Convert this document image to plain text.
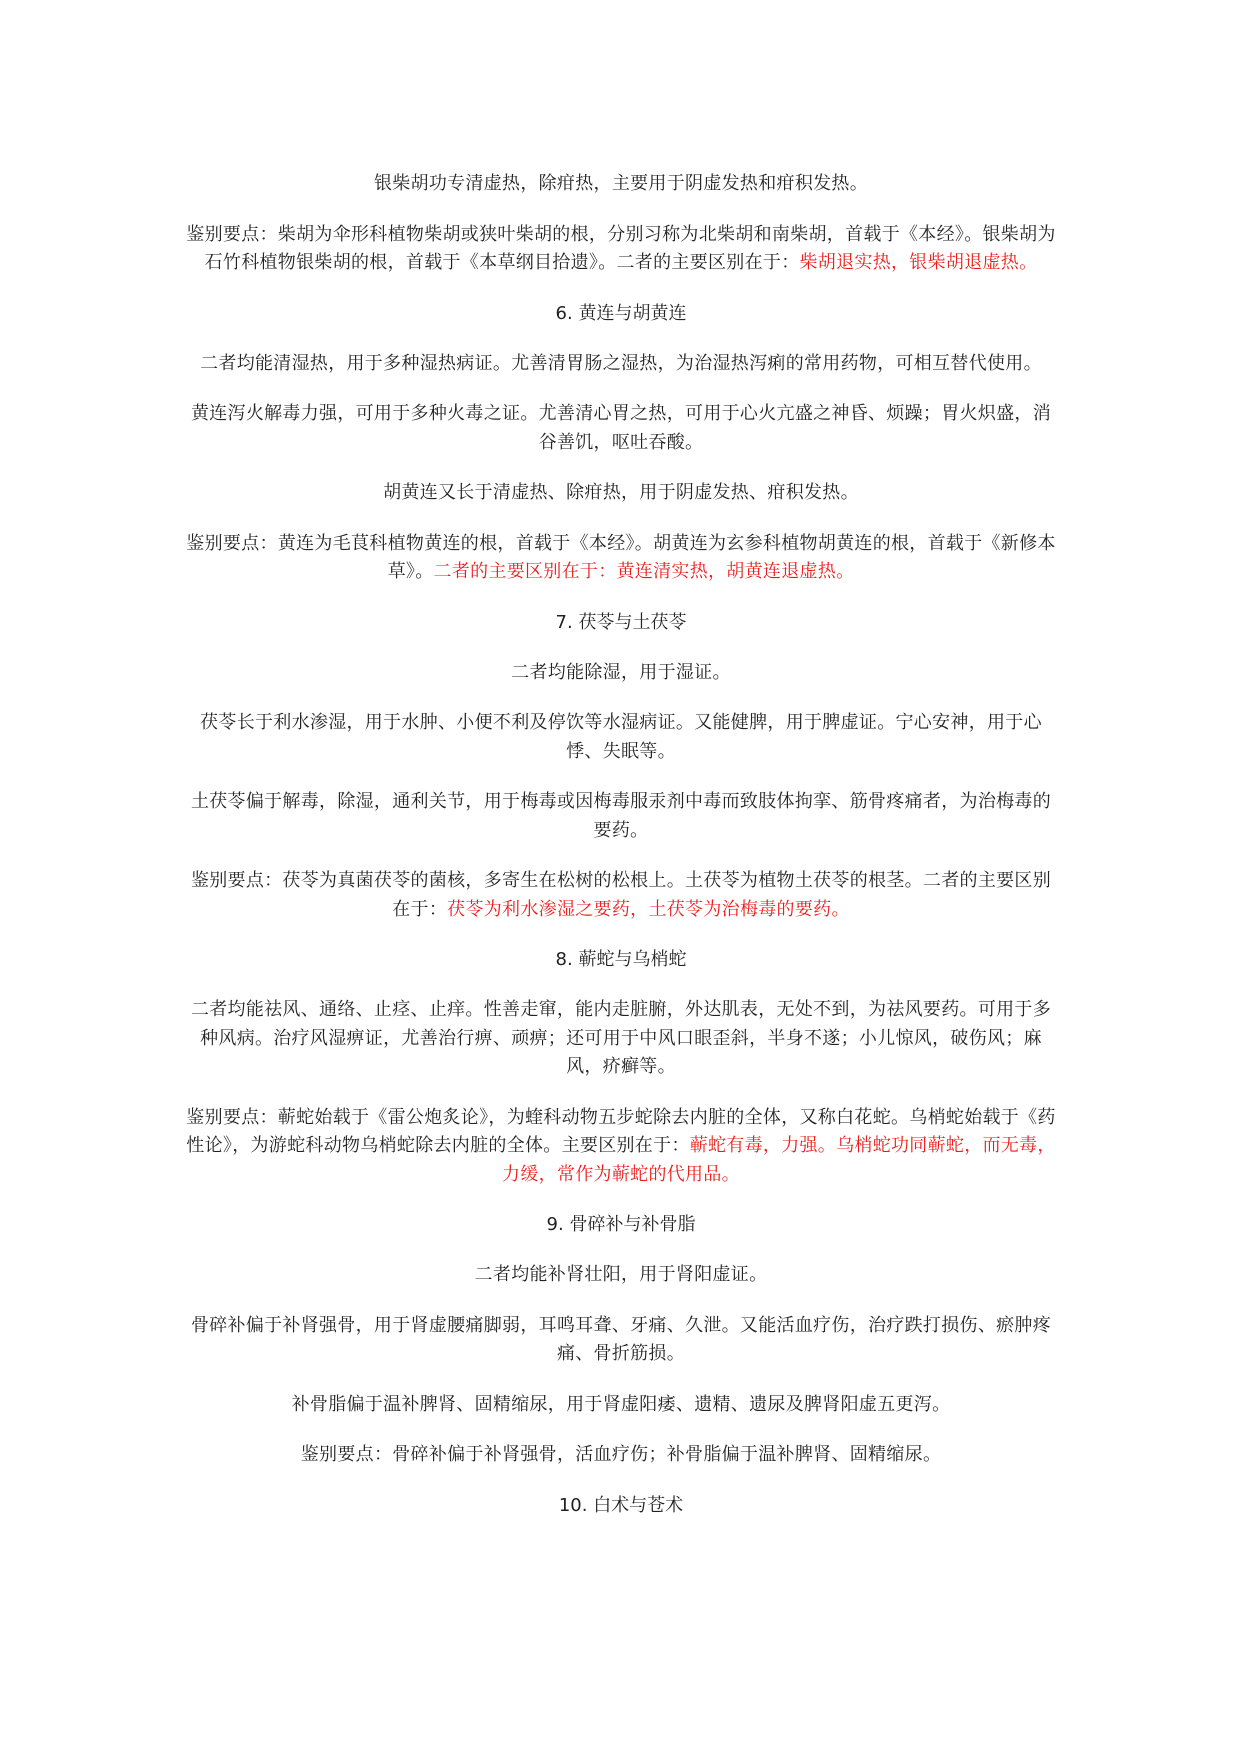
银柴胡功专清虚热，除疳热，主要用于阴虚发热和疳积发热。
鉴别要点：柴胡为伞形科植物柴胡或狭叶柴胡的根，分别习称为北柴胡和南柴胡，首载于《本经》。银柴胡为石竹科植物银柴胡的根，首载于《本草纲目拾遗》。二者的主要区别在于：柴胡退实热，银柴胡退虚热。
6. 黄连与胡黄连
二者均能清湿热，用于多种湿热病证。尤善清胃肠之湿热，为治湿热泻痢的常用药物，可相互替代使用。
黄连泻火解毒力强，可用于多种火毒之证。尤善清心胃之热，可用于心火亢盛之神昏、烦躁；胃火炽盛，消谷善饥，呕吐吞酸。
胡黄连又长于清虚热、除疳热，用于阴虚发热、疳积发热。
鉴别要点：黄连为毛茛科植物黄连的根，首载于《本经》。胡黄连为玄参科植物胡黄连的根，首载于《新修本草》。二者的主要区别在于：黄连清实热，胡黄连退虚热。
7. 茯苓与土茯苓
二者均能除湿，用于湿证。
茯苓长于利水渗湿，用于水肿、小便不利及停饮等水湿病证。又能健脾，用于脾虚证。宁心安神，用于心悸、失眠等。
土茯苓偏于解毒，除湿，通利关节，用于梅毒或因梅毒服汞剂中毒而致肢体拘挛、筋骨疼痛者，为治梅毒的要药。
鉴别要点：茯苓为真菌茯苓的菌核，多寄生在松树的松根上。土茯苓为植物土茯苓的根茎。二者的主要区别在于：茯苓为利水渗湿之要药，土茯苓为治梅毒的要药。
8. 蕲蛇与乌梢蛇
二者均能祛风、通络、止痉、止痒。性善走窜，能内走脏腑，外达肌表，无处不到，为祛风要药。可用于多种风病。治疗风湿痹证，尤善治行痹、顽痹；还可用于中风口眼歪斜，半身不遂；小儿惊风，破伤风；麻风，疥癣等。
鉴别要点：蕲蛇始载于《雷公炮炙论》，为蝰科动物五步蛇除去内脏的全体，又称白花蛇。乌梢蛇始载于《药性论》，为游蛇科动物乌梢蛇除去内脏的全体。主要区别在于：蕲蛇有毒，力强。乌梢蛇功同蕲蛇，而无毒，力缓，常作为蕲蛇的代用品。
9. 骨碎补与补骨脂
二者均能补肾壮阳，用于肾阳虚证。
骨碎补偏于补肾强骨，用于肾虚腰痛脚弱，耳鸣耳聋、牙痛、久泄。又能活血疗伤，治疗跌打损伤、瘀肿疼痛、骨折筋损。
补骨脂偏于温补脾肾、固精缩尿，用于肾虚阳痿、遗精、遗尿及脾肾阳虚五更泻。
鉴别要点：骨碎补偏于补肾强骨，活血疗伤；补骨脂偏于温补脾肾、固精缩尿。
10. 白术与苍术
